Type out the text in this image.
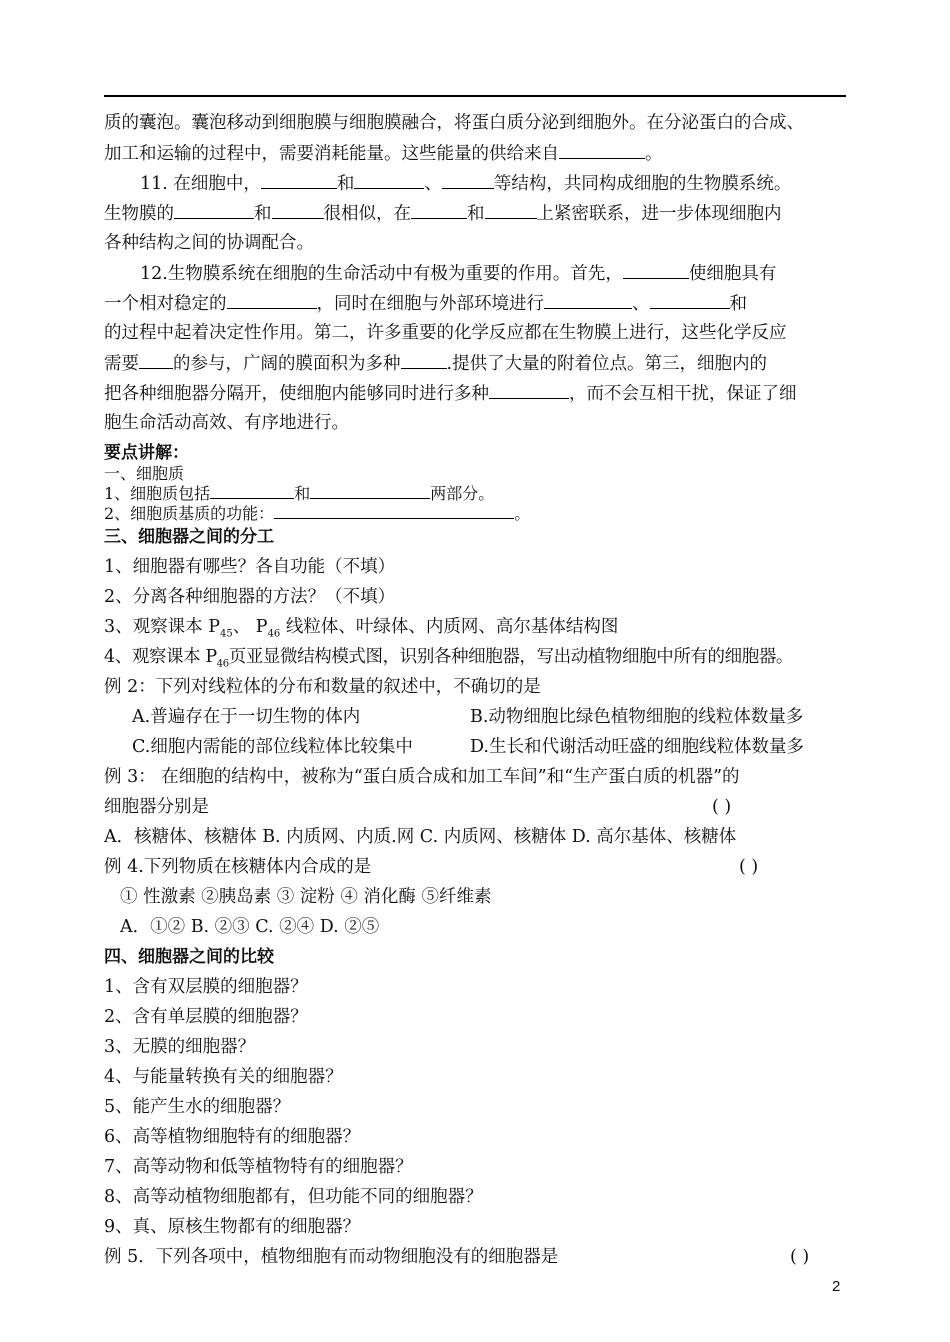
质的囊泡。囊泡移动到细胞膜与细胞膜融合，将蛋白质分泌到细胞外。在分泌蛋白的合成、
加工和运输的过程中，需要消耗能量。这些能量的供给来自	。
11. 在细胞中，	和	、	等结构，共同构成细胞的生物膜系统。
生物膜的	和	很相似，在	和	上紧密联系，进一步体现细胞内
各种结构之间的协调配合。
12.生物膜系统在细胞的生命活动中有极为重要的作用。首先，	使细胞具有
一个相对稳定的	，同时在细胞与外部环境进行	、	和
的过程中起着决定性作用。第二，许多重要的化学反应都在生物膜上进行，这些化学反应
需要 的参与，广阔的膜面积为多种	.提供了大量的附着位点。第三，细胞内的
把各种细胞器分隔开，使细胞内能够同时进行多种	，而不会互相干扰，保证了细
胞生命活动高效、有序地进行。
要点讲解：
一、细胞质
1、细胞质包括	和	两部分。
2、细胞质基质的功能：	。
三、细胞器之间的分工
1、细胞器有哪些？各自功能（不填）
2、分离各种细胞器的方法？（不填）
3、观察课本 $P_{45}$、 $P_{46}$ 线粒体、叶绿体、内质网、高尔基体结构图
4、观察课本 $P_{46}$页亚显微结构模式图，识别各种细胞器，写出动植物细胞中所有的细胞器。
例 2：下列对线粒体的分布和数量的叙述中，不确切的是
A.普遍存在于一切生物的体内	B.动物细胞比绿色植物细胞的线粒体数量多
C.细胞内需能的部位线粒体比较集中	D.生长和代谢活动旺盛的细胞线粒体数量多
例 3： 在细胞的结构中，被称为“蛋白质合成和加工车间”和“生产蛋白质的机器”的
细胞器分别是	( )
A．核糖体、核糖体 B. 内质网、内质.网 C. 内质网、核糖体 D. 高尔基体、核糖体
例 4.下列物质在核糖体内合成的是	( )
① 性激素 ②胰岛素 ③ 淀粉 ④ 消化酶 ⑤纤维素
A．①② B. ②③ C. ②④ D. ②⑤
四、细胞器之间的比较
1、含有双层膜的细胞器？
2、含有单层膜的细胞器？
3、无膜的细胞器？
4、与能量转换有关的细胞器？
5、能产生水的细胞器？
6、高等植物细胞特有的细胞器？
7、高等动物和低等植物特有的细胞器？
8、高等动植物细胞都有，但功能不同的细胞器？
9、真、原核生物都有的细胞器？
例 5．下列各项中，植物细胞有而动物细胞没有的细胞器是	( )
2
